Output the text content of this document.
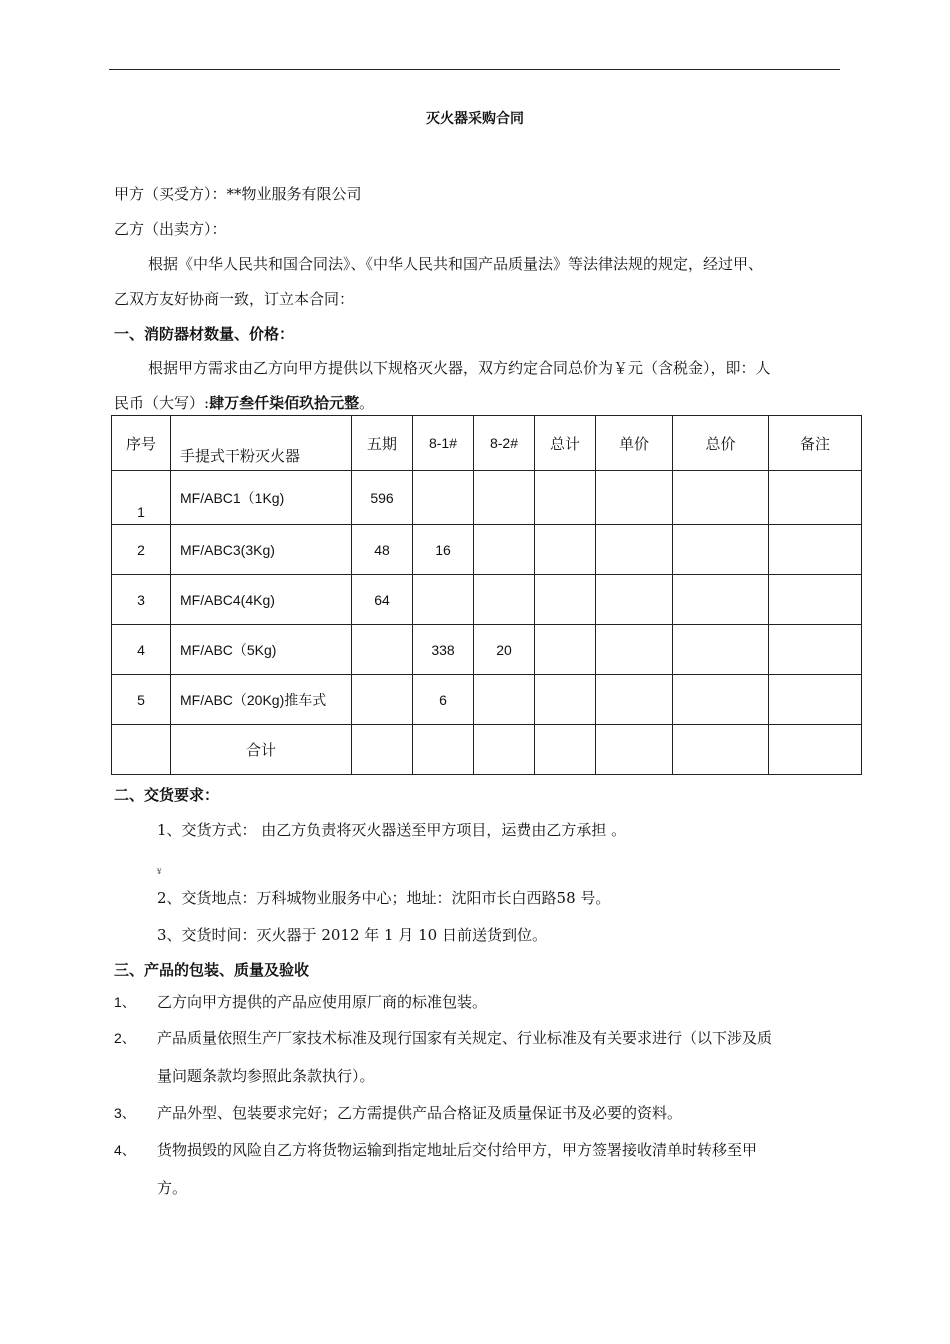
灭火器采购合同
甲方（买受方）：**物业服务有限公司
乙方（出卖方）：
根据《中华人民共和国合同法》、《中华人民共和国产品质量法》等法律法规的规定，经过甲、
乙双方友好协商一致，订立本合同：
一、消防器材数量、价格：
根据甲方需求由乙方向甲方提供以下规格灭火器，双方约定合同总价为￥元（含税金），即：人
民币（大写）:肆万叁仟柒佰玖拾元整。
序号	手提式干粉灭火器	五期	8-1#	8-2#	总计	单价	总价	备注
1	MF/ABC1（1Kg)	596						
2	MF/ABC3(3Kg)	48	16					
3	MF/ABC4(4Kg)	64						
4	MF/ABC（5Kg)		338	20				
5	MF/ABC（20Kg)推车式		6					
	合计							
二、交货要求：
1、交货方式： 由乙方负责将灭火器送至甲方项目，运费由乙方承担 。
¥
2、交货地点：万科城物业服务中心；地址：沈阳市长白西路58 号。
3、交货时间：灭火器于 2012 年 1 月 10 日前送货到位。
三、产品的包装、质量及验收
1、 乙方向甲方提供的产品应使用原厂商的标准包装。
2、 产品质量依照生产厂家技术标准及现行国家有关规定、行业标准及有关要求进行（以下涉及质
量问题条款均参照此条款执行）。
3、 产品外型、包装要求完好；乙方需提供产品合格证及质量保证书及必要的资料。
4、 货物损毁的风险自乙方将货物运输到指定地址后交付给甲方，甲方签署接收清单时转移至甲
方。
